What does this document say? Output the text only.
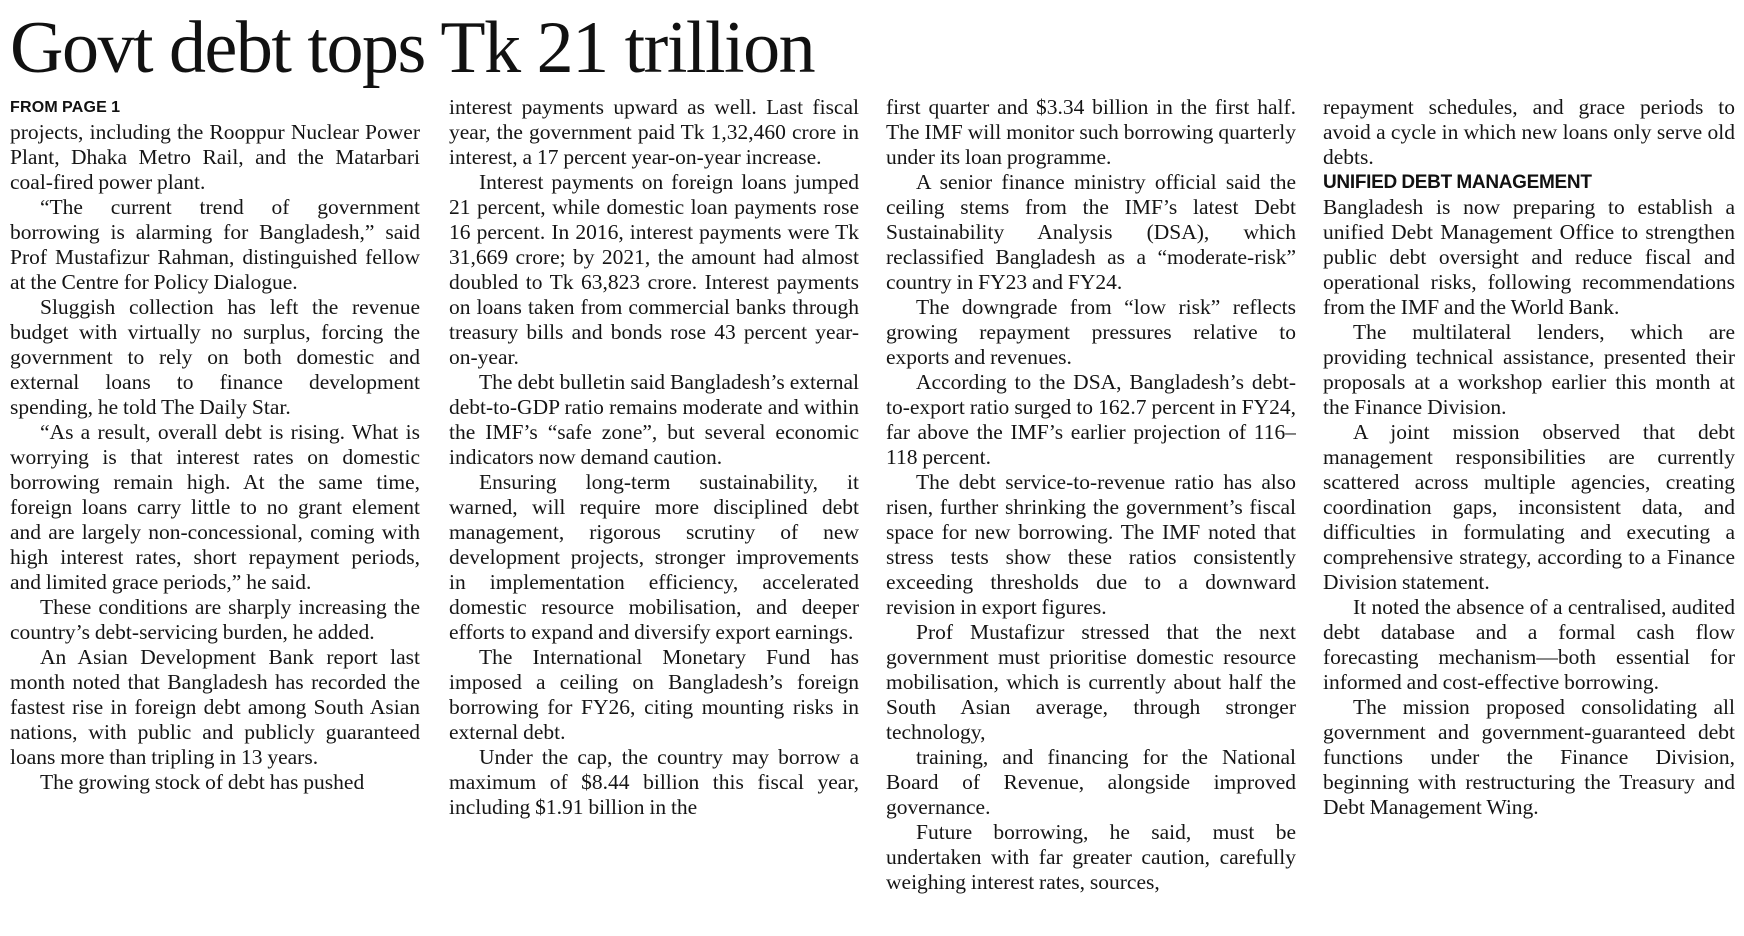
Govt debt tops Tk 21 trillion
FROM PAGE 1

projects, including the Rooppur Nuclear Power Plant, Dhaka Metro Rail, and the Matarbari coal-fired power plant.

“The current trend of government borrowing is alarming for Bangladesh,” said Prof Mustafizur Rahman, distinguished fellow at the Centre for Policy Dialogue.

Sluggish collection has left the revenue budget with virtually no surplus, forcing the government to rely on both domestic and external loans to finance development spending, he told The Daily Star.

“As a result, overall debt is rising. What is worrying is that interest rates on domestic borrowing remain high. At the same time, foreign loans carry little to no grant element and are largely non-concessional, coming with high interest rates, short repayment periods, and limited grace periods,” he said.

These conditions are sharply increasing the country’s debt-servicing burden, he added.

An Asian Development Bank report last month noted that Bangladesh has recorded the fastest rise in foreign debt among South Asian nations, with public and publicly guaranteed loans more than tripling in 13 years.

The growing stock of debt has pushed

interest payments upward as well. Last fiscal year, the government paid Tk 1,32,460 crore in interest, a 17 percent year-on-year increase.

Interest payments on foreign loans jumped 21 percent, while domestic loan payments rose 16 percent. In 2016, interest payments were Tk 31,669 crore; by 2021, the amount had almost doubled to Tk 63,823 crore. Interest payments on loans taken from commercial banks through treasury bills and bonds rose 43 percent year-on-year.

The debt bulletin said Bangladesh’s external debt-to-GDP ratio remains moderate and within the IMF’s “safe zone”, but several economic indicators now demand caution.

Ensuring long-term sustainability, it warned, will require more disciplined debt management, rigorous scrutiny of new development projects, stronger improvements in implementation efficiency, accelerated domestic resource mobilisation, and deeper efforts to expand and diversify export earnings.

The International Monetary Fund has imposed a ceiling on Bangladesh’s foreign borrowing for FY26, citing mounting risks in external debt.

Under the cap, the country may borrow a maximum of $8.44 billion this fiscal year, including $1.91 billion in the

first quarter and $3.34 billion in the first half. The IMF will monitor such borrowing quarterly under its loan programme.

A senior finance ministry official said the ceiling stems from the IMF’s latest Debt Sustainability Analysis (DSA), which reclassified Bangladesh as a “moderate-risk” country in FY23 and FY24.

The downgrade from “low risk” reflects growing repayment pressures relative to exports and revenues.

According to the DSA, Bangladesh’s debt-to-export ratio surged to 162.7 percent in FY24, far above the IMF’s earlier projection of 116–118 percent.

The debt service-to-revenue ratio has also risen, further shrinking the government’s fiscal space for new borrowing. The IMF noted that stress tests show these ratios consistently exceeding thresholds due to a downward revision in export figures.

Prof Mustafizur stressed that the next government must prioritise domestic resource mobilisation, which is currently about half the South Asian average, through stronger technology,

training, and financing for the National Board of Revenue, alongside improved governance.

Future borrowing, he said, must be undertaken with far greater caution, carefully weighing interest rates, sources,

repayment schedules, and grace periods to avoid a cycle in which new loans only serve old debts.

UNIFIED DEBT MANAGEMENT

Bangladesh is now preparing to establish a unified Debt Management Office to strengthen public debt oversight and reduce fiscal and operational risks, following recommendations from the IMF and the World Bank.

The multilateral lenders, which are providing technical assistance, presented their proposals at a workshop earlier this month at the Finance Division.

A joint mission observed that debt management responsibilities are currently scattered across multiple agencies, creating coordination gaps, inconsistent data, and difficulties in formulating and executing a comprehensive strategy, according to a Finance Division statement.

It noted the absence of a centralised, audited debt database and a formal cash flow forecasting mechanism—both essential for informed and cost-effective borrowing.

The mission proposed consolidating all government and government-guaranteed debt functions under the Finance Division, beginning with restructuring the Treasury and Debt Management Wing.
